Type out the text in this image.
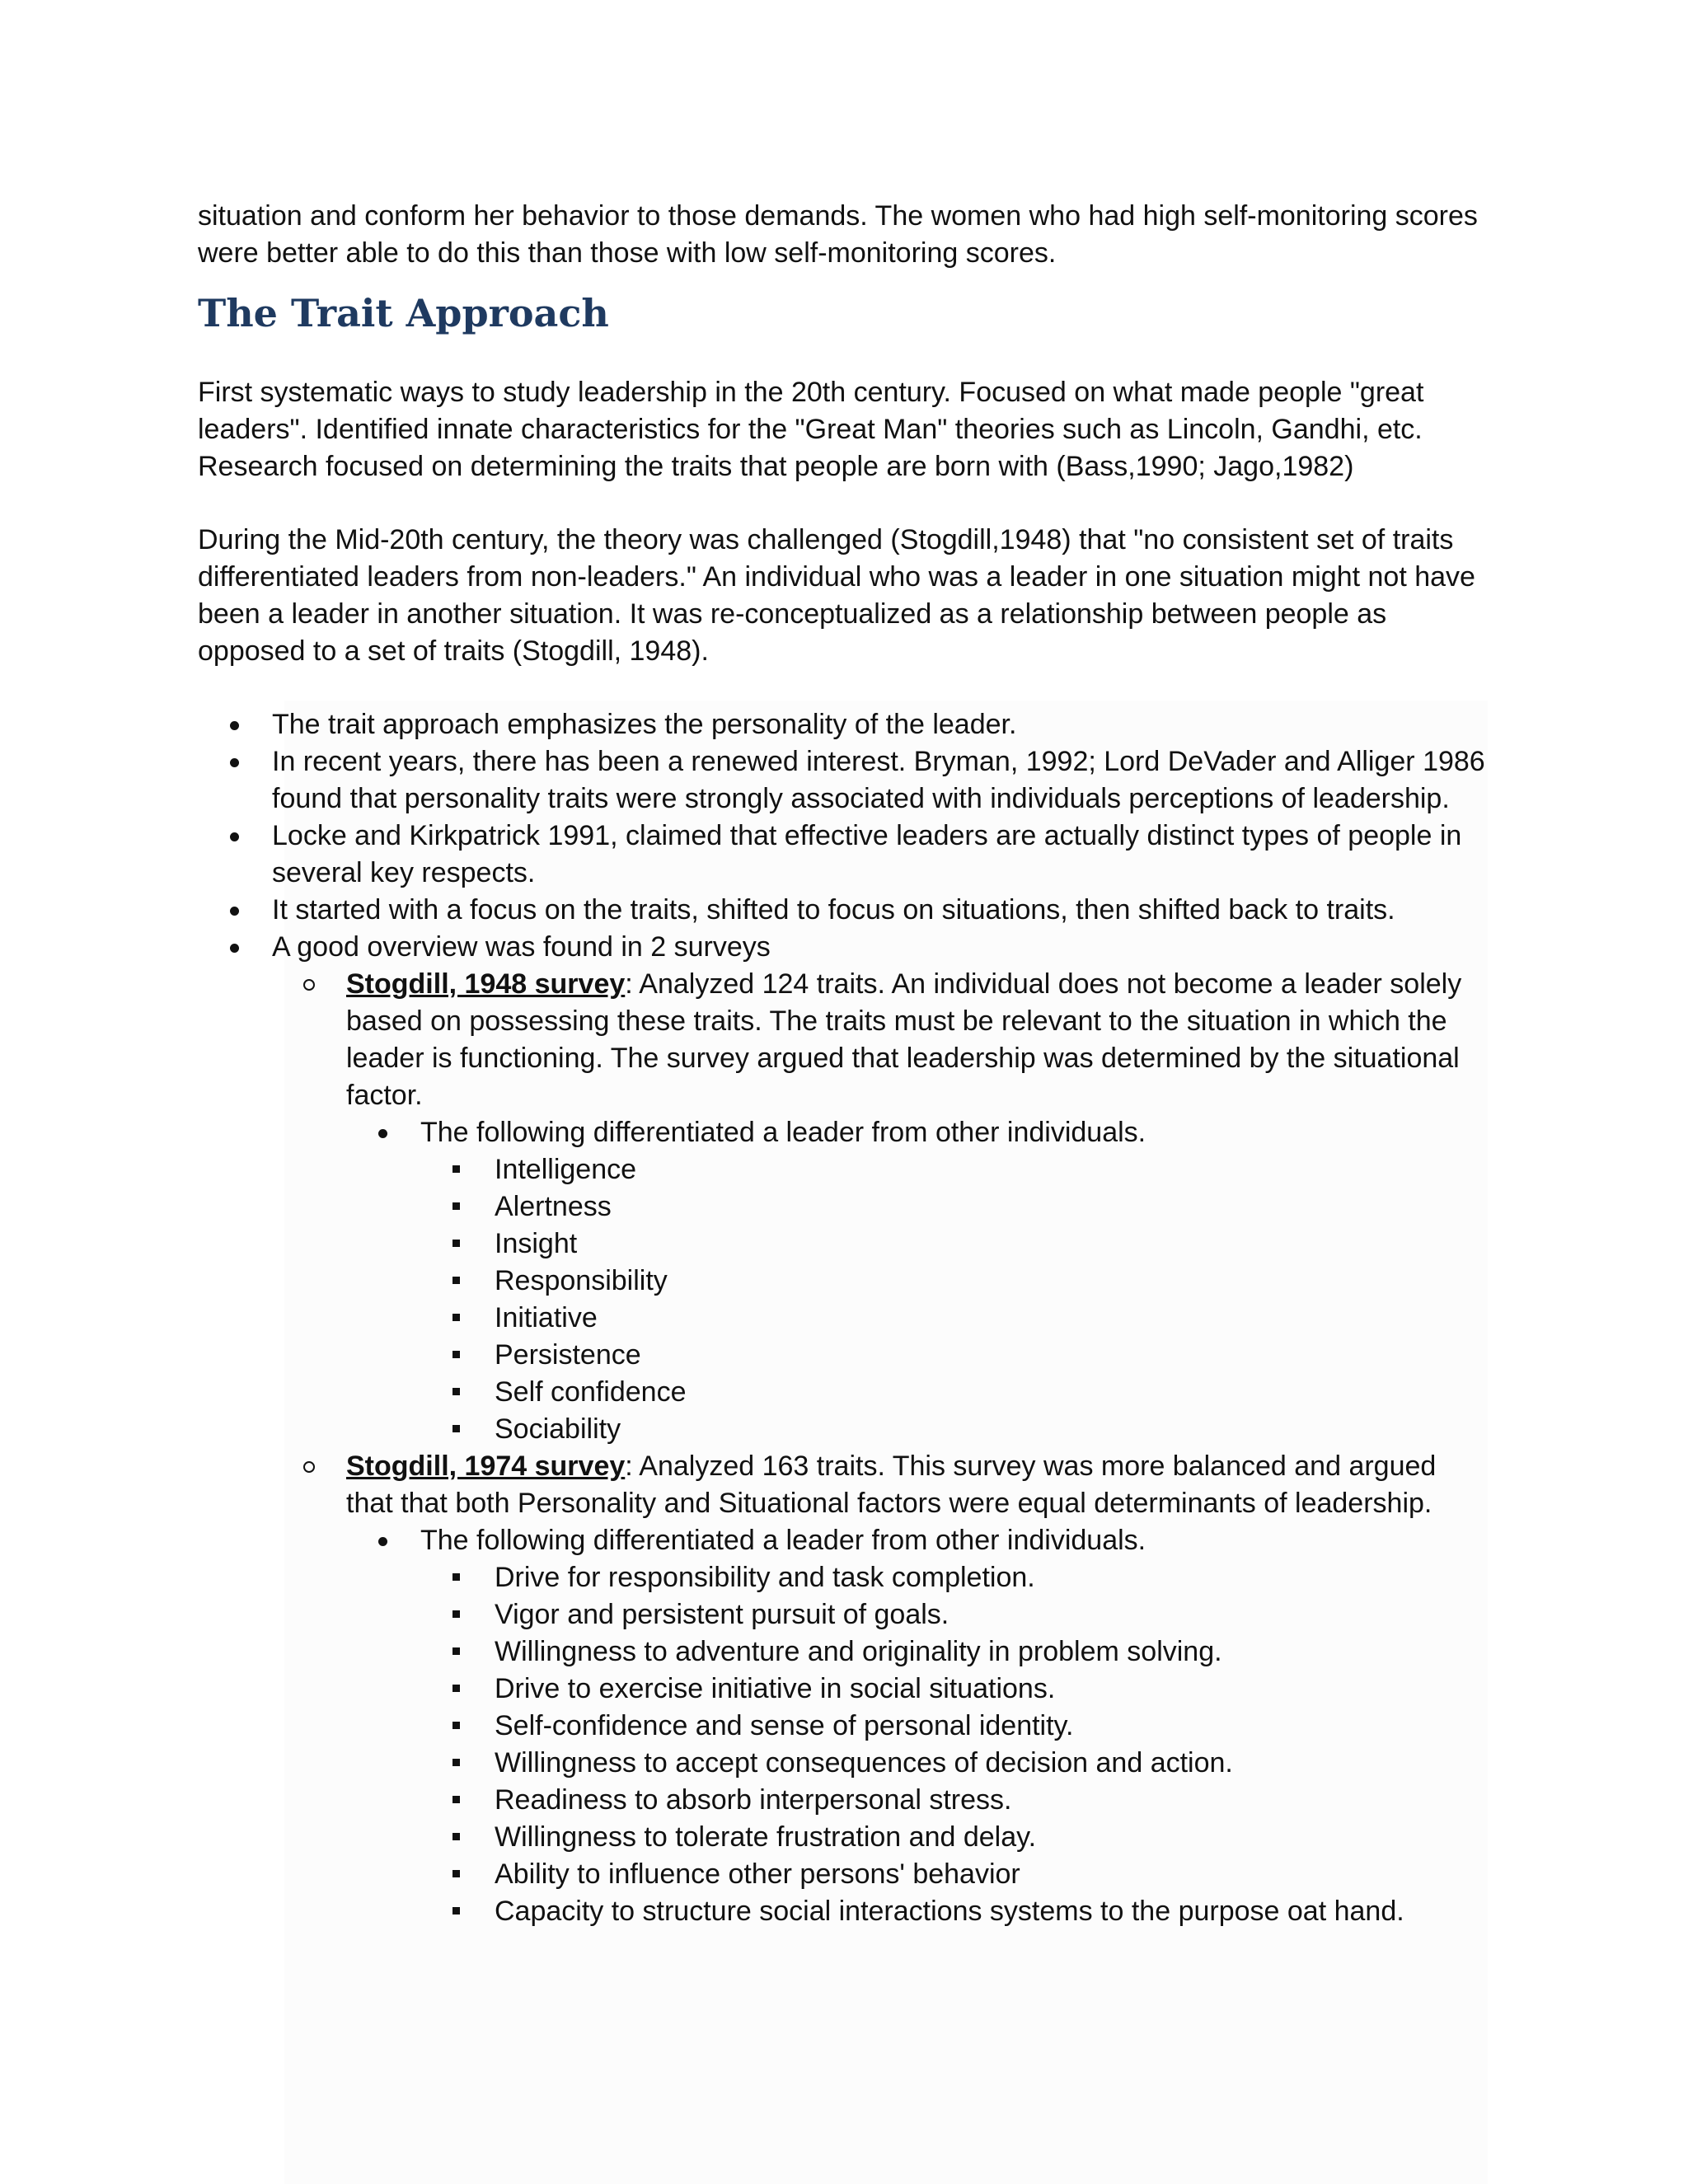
situation and conform her behavior to those demands. The women who had high self-monitoring scores were better able to do this than those with low self-monitoring scores.

The Trait Approach

First systematic ways to study leadership in the 20th century. Focused on what made people "great leaders". Identified innate characteristics for the "Great Man" theories such as Lincoln, Gandhi, etc. Research focused on determining the traits that people are born with (Bass,1990; Jago,1982)

During the Mid-20th century, the theory was challenged (Stogdill,1948) that "no consistent set of traits differentiated leaders from non-leaders." An individual who was a leader in one situation might not have been a leader in another situation. It was re-conceptualized as a relationship between people as opposed to a set of traits (Stogdill, 1948).

The trait approach emphasizes the personality of the leader.
In recent years, there has been a renewed interest. Bryman, 1992; Lord DeVader and Alliger 1986 found that personality traits were strongly associated with individuals perceptions of leadership.
Locke and Kirkpatrick 1991, claimed that effective leaders are actually distinct types of people in several key respects.
It started with a focus on the traits, shifted to focus on situations, then shifted back to traits.
A good overview was found in 2 surveys
Stogdill, 1948 survey: Analyzed 124 traits. An individual does not become a leader solely based on possessing these traits. The traits must be relevant to the situation in which the leader is functioning. The survey argued that leadership was determined by the situational factor.
The following differentiated a leader from other individuals.
Intelligence
Alertness
Insight
Responsibility
Initiative
Persistence
Self confidence
Sociability
Stogdill, 1974 survey: Analyzed 163 traits. This survey was more balanced and argued that that both Personality and Situational factors were equal determinants of leadership.
The following differentiated a leader from other individuals.
Drive for responsibility and task completion.
Vigor and persistent pursuit of goals.
Willingness to adventure and originality in problem solving.
Drive to exercise initiative in social situations.
Self-confidence and sense of personal identity.
Willingness to accept consequences of decision and action.
Readiness to absorb interpersonal stress.
Willingness to tolerate frustration and delay.
Ability to influence other persons' behavior
Capacity to structure social interactions systems to the purpose oat hand.
